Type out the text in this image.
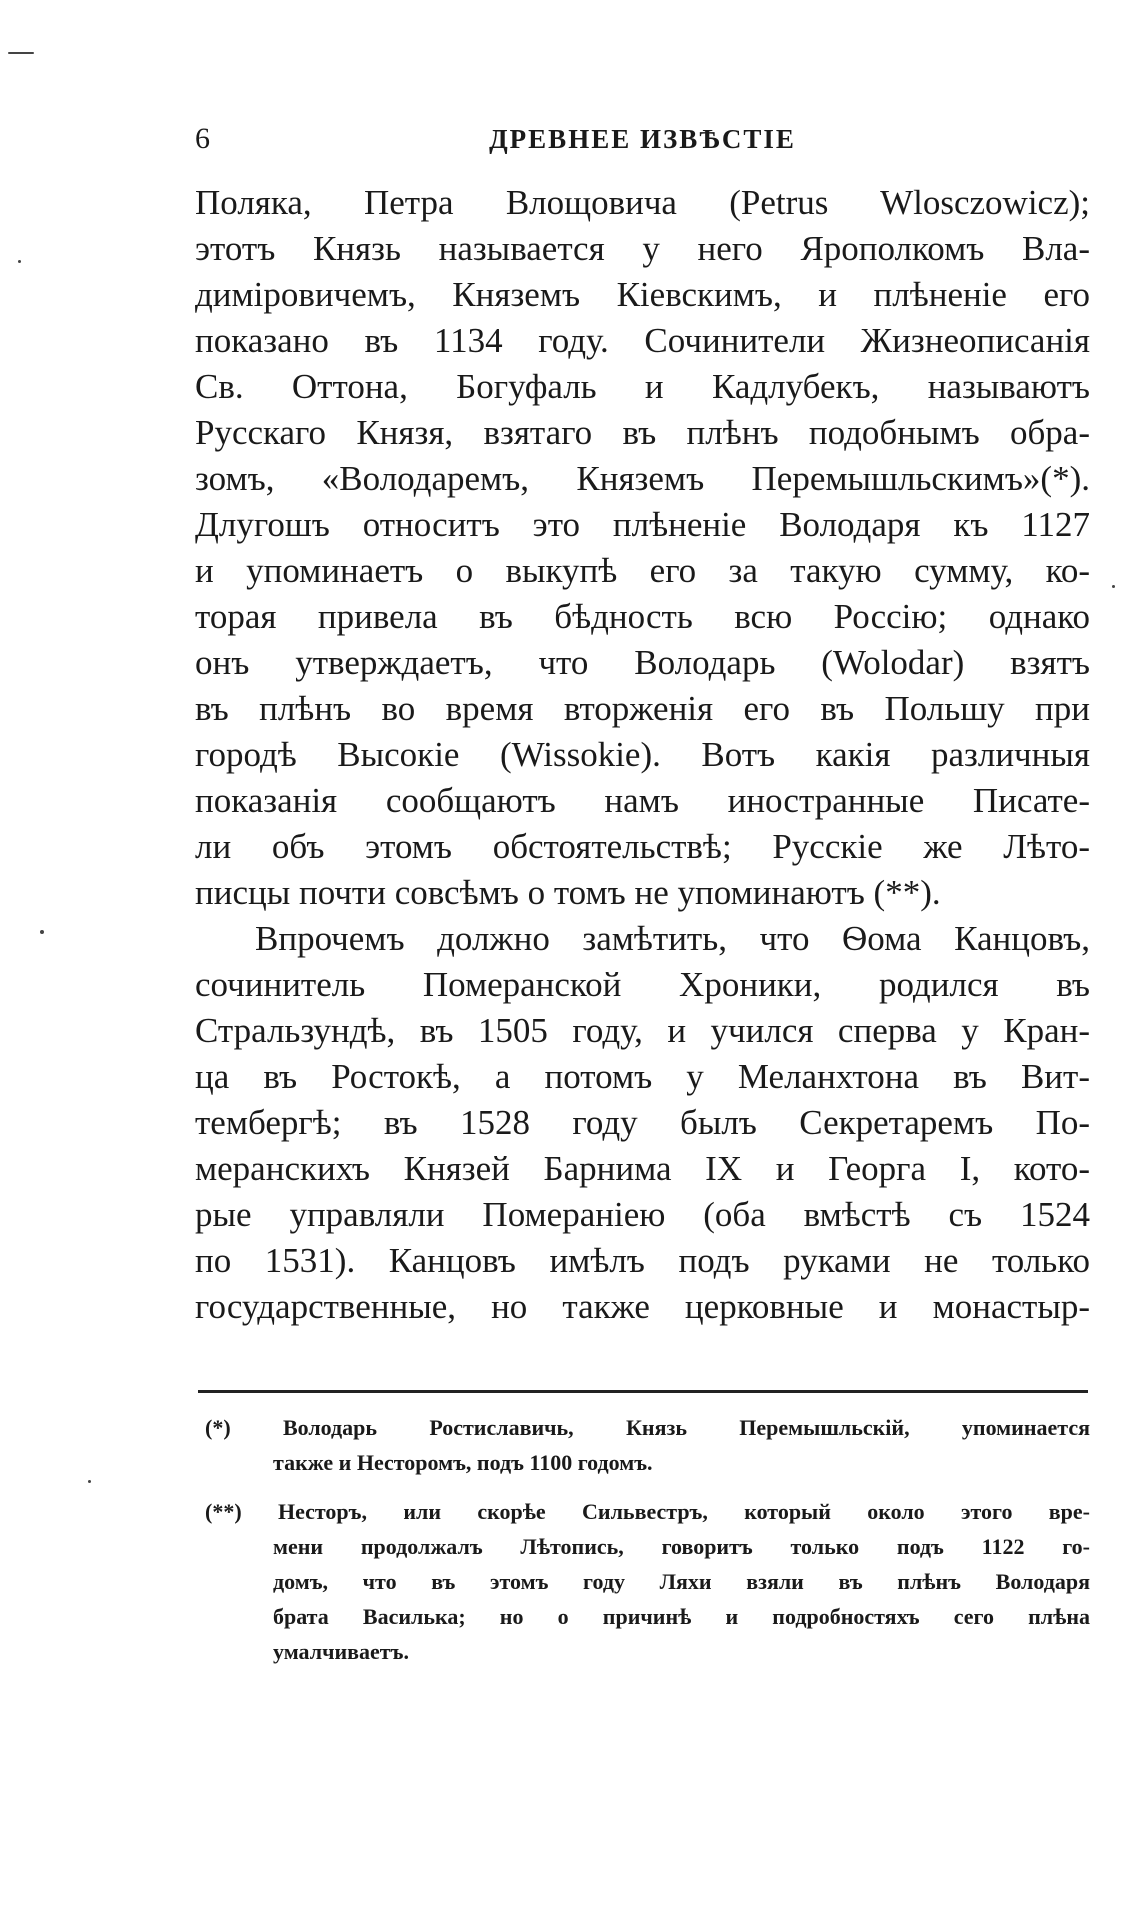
6	ДРЕВНЕЕ ИЗВѢСТІЕ
Поляка, Петра Влощовича (Petrus Wlosczowicz);
этотъ Князь называется у него Ярополкомъ Вла-
диміровичемъ, Княземъ Кіевскимъ, и плѣненіе его
показано въ 1134 году. Сочинители Жизнеописанія
Св. Оттона, Богуфаль и Кадлубекъ, называютъ
Русскаго Князя, взятаго въ плѣнъ подобнымъ обра-
зомъ, «Володаремъ, Княземъ Перемышльскимъ»(*).
Длугошъ относитъ это плѣненіе Володаря къ 1127
и упоминаетъ о выкупѣ его за такую сумму, ко-
торая привела въ бѣдность всю Россію; однако
онъ утверждаетъ, что Володарь (Wolodar) взятъ
въ плѣнъ во время вторженія его въ Польшу при
городѣ Высокіе (Wissokie). Вотъ какія различныя
показанія сообщаютъ намъ иностранные Писате-
ли объ этомъ обстоятельствѣ; Русскіе же Лѣто-
писцы почти совсѣмъ о томъ не упоминаютъ (**).
Впрочемъ должно замѣтить, что Ѳома Канцовъ,
сочинитель Померанской Хроники, родился въ
Стральзундѣ, въ 1505 году, и учился сперва у Кран-
ца въ Ростокѣ, а потомъ у Меланхтона въ Вит-
тембергѣ; въ 1528 году былъ Секретаремъ По-
меранскихъ Князей Барнима IX и Георга I, кото-
рые управляли Помераніею (оба вмѣстѣ съ 1524
по 1531). Канцовъ имѣлъ подъ руками не только
государственные, но также церковные и монастыр-
(*) Володарь Ростиславичь, Князь Перемышльскій, упоминается
также и Несторомъ, подъ 1100 годомъ.
(**) Несторъ, или скорѣе Сильвестръ, который около этого вре-
мени продолжалъ Лѣтопись, говоритъ только подъ 1122 го-
домъ, что въ этомъ году Ляхи взяли въ плѣнъ Володаря
брата Василька; но о причинѣ и подробностяхъ сего плѣна
умалчиваетъ.
